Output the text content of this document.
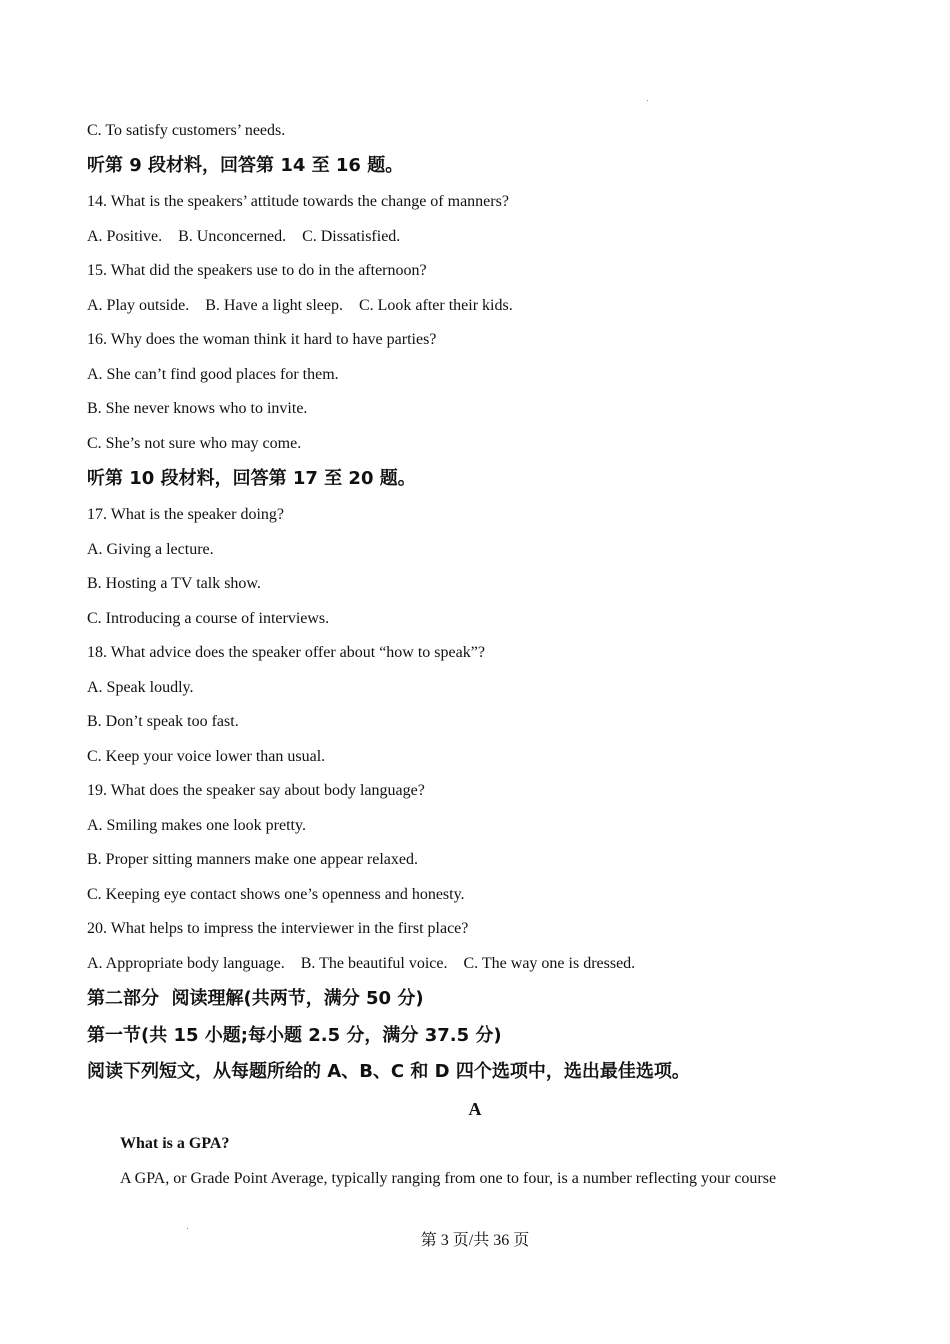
C. To satisfy customers’ needs.
听第 9 段材料，回答第 14 至 16 题。
14. What is the speakers’ attitude towards the change of manners?
A. Positive.    B. Unconcerned.    C. Dissatisfied.
15. What did the speakers use to do in the afternoon?
A. Play outside.    B. Have a light sleep.    C. Look after their kids.
16. Why does the woman think it hard to have parties?
A. She can’t find good places for them.
B. She never knows who to invite.
C. She’s not sure who may come.
听第 10 段材料，回答第 17 至 20 题。
17. What is the speaker doing?
A. Giving a lecture.
B. Hosting a TV talk show.
C. Introducing a course of interviews.
18. What advice does the speaker offer about “how to speak”?
A. Speak loudly.
B. Don’t speak too fast.
C. Keep your voice lower than usual.
19. What does the speaker say about body language?
A. Smiling makes one look pretty.
B. Proper sitting manners make one appear relaxed.
C. Keeping eye contact shows one’s openness and honesty.
20. What helps to impress the interviewer in the first place?
A. Appropriate body language.    B. The beautiful voice.    C. The way one is dressed.
第二部分  阅读理解(共两节，满分 50 分)
第一节(共 15 小题;每小题 2.5 分，满分 37.5 分)
阅读下列短文，从每题所给的 A、B、C 和 D 四个选项中，选出最佳选项。
A
What is a GPA?
A GPA, or Grade Point Average, typically ranging from one to four, is a number reflecting your course
第 3 页/共 36 页
